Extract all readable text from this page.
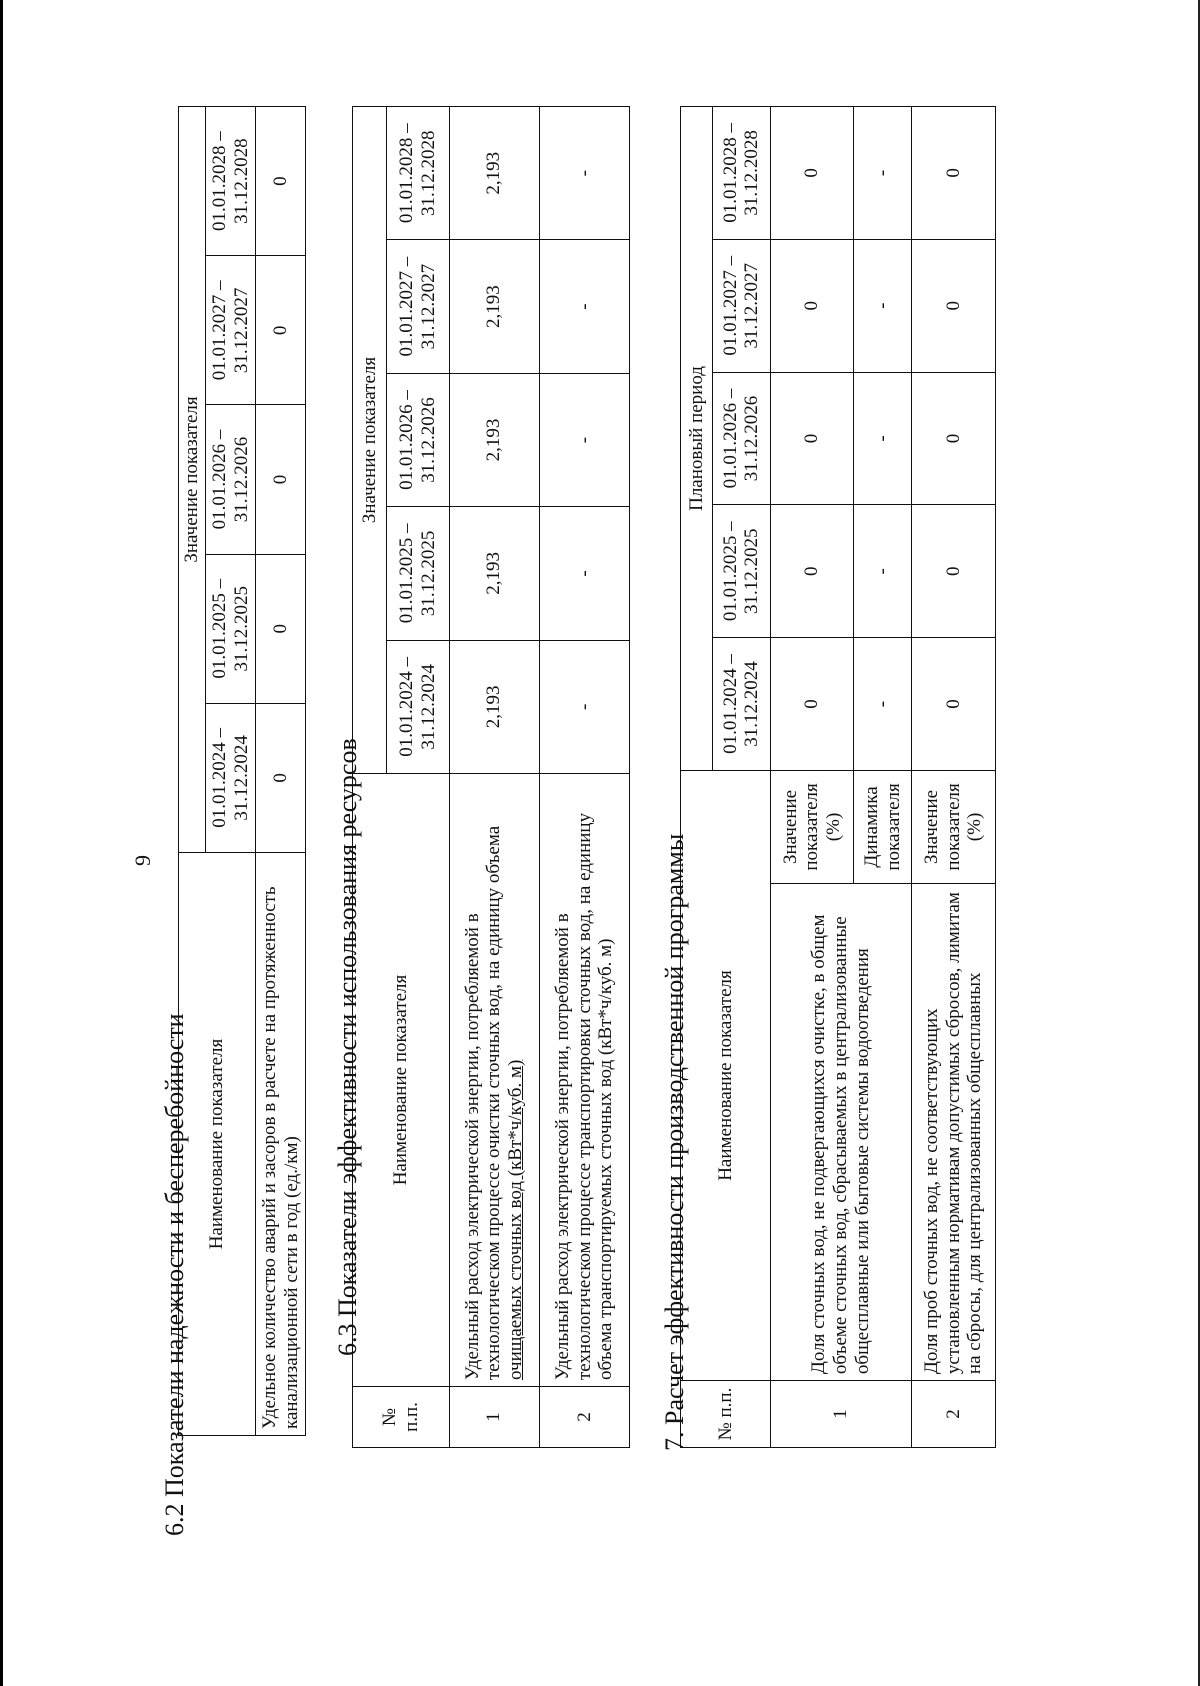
9
6.2 Показатели надежности и бесперебойности Наименование показателя	Значение показателя				
	01.01.2024 – 31.12.2024	01.01.2025 – 31.12.2025	01.01.2026 – 31.12.2026	01.01.2027 – 31.12.2027	01.01.2028 – 31.12.2028
Удельное количество аварий и засоров в расчете на протяженность канализационной сети в год (ед./км)	0	0	0	0	0
6.3 Показатели эффективности использования ресурсов
№ п.п.	Наименование показателя	Значение показателя				
		01.01.2024 – 31.12.2024	01.01.2025 – 31.12.2025	01.01.2026 – 31.12.2026	01.01.2027 – 31.12.2027	01.01.2028 – 31.12.2028
1	Удельный расход электрической энергии, потребляемой в технологическом процессе очистки сточных вод, на единицу объема очищаемых сточных вод (кВт*ч/куб. м)	2,193	2,193	2,193	2,193	2,193
2	Удельный расход электрической энергии, потребляемой в технологическом процессе транспортировки сточных вод, на единицу объема транспортируемых сточных вод (кВт*ч/куб. м)	-	-	-	-	-
7. Расчет эффективности производственной программы № п.п.	Наименование показателя		Плановый период				
			01.01.2024 – 31.12.2024	01.01.2025 – 31.12.2025	01.01.2026 – 31.12.2026	01.01.2027 – 31.12.2027	01.01.2028 – 31.12.2028
1	Доля сточных вод, не подвергающихся очистке, в общем объеме сточных вод, сбрасываемых в централизованные общесплавные или бытовые системы водоотведения	Значение показателя (%)	0	0	0	0	0
		Динамика показателя	-	-	-	-	-
2	Доля проб сточных вод, не соответствующих установленным нормативам допустимых сбросов, лимитам на сбросы, для централизованных общесплавных	Значение показателя (%)	0	0	0	0	0
